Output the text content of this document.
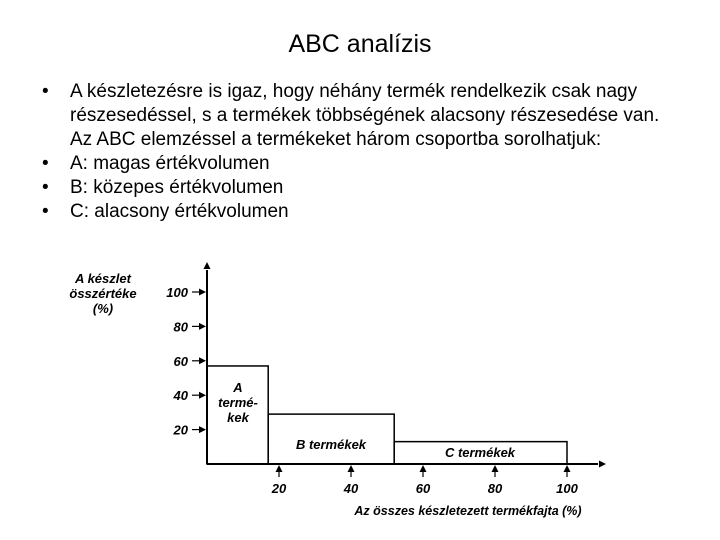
ABC analízis
• A készletezésre is igaz, hogy néhány termék rendelkezik csak nagy részesedéssel, s a termékek többségének alacsony részesedése van. Az ABC elemzéssel a termékeket három csoportba sorolhatjuk:
• A: magas értékvolumen
• B: közepes értékvolumen
• C: alacsony értékvolumen
20
40
60
80
100
20	40	60	80	100
A
termé-
kek
B termékek
C termékek
A készlet
összértéke
(%)
Az összes készletezett termékfajta (%)
